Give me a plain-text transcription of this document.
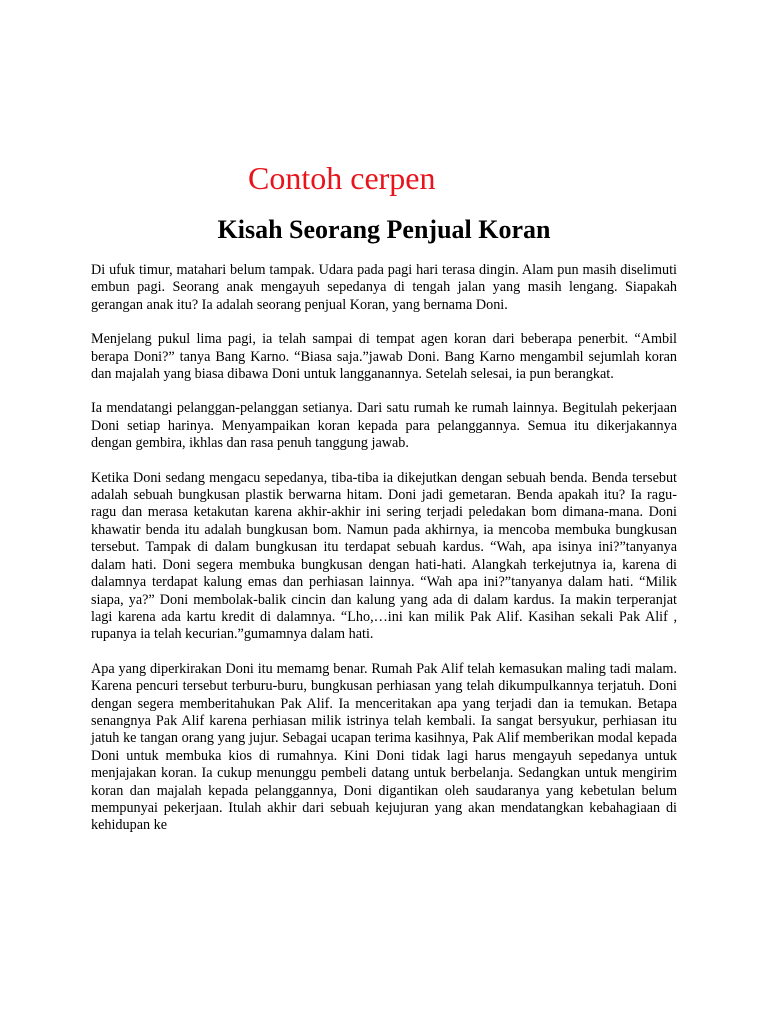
Contoh cerpen
Kisah Seorang Penjual Koran

Di ufuk timur, matahari belum tampak. Udara pada pagi hari terasa dingin. Alam pun masih diselimuti embun pagi. Seorang anak mengayuh sepedanya di tengah jalan yang masih lengang. Siapakah gerangan anak itu? Ia adalah seorang penjual Koran, yang bernama Doni.

Menjelang pukul lima pagi, ia telah sampai di tempat agen koran dari beberapa penerbit. “Ambil berapa Doni?” tanya Bang Karno. “Biasa saja.”jawab Doni. Bang Karno mengambil sejumlah koran dan majalah yang biasa dibawa Doni untuk langganannya. Setelah selesai, ia pun berangkat.

Ia mendatangi pelanggan-pelanggan setianya. Dari satu rumah ke rumah lainnya. Begitulah pekerjaan Doni setiap harinya. Menyampaikan koran kepada para pelanggannya. Semua itu dikerjakannya dengan gembira, ikhlas dan rasa penuh tanggung jawab.

Ketika Doni sedang mengacu sepedanya, tiba-tiba ia dikejutkan dengan sebuah benda. Benda tersebut adalah sebuah bungkusan plastik berwarna hitam. Doni jadi gemetaran. Benda apakah itu? Ia ragu-ragu dan merasa ketakutan karena akhir-akhir ini sering terjadi peledakan bom dimana-mana. Doni khawatir benda itu adalah bungkusan bom. Namun pada akhirnya, ia mencoba membuka bungkusan tersebut. Tampak di dalam bungkusan itu terdapat sebuah kardus. “Wah, apa isinya ini?”tanyanya dalam hati. Doni segera membuka bungkusan dengan hati-hati. Alangkah terkejutnya ia, karena di dalamnya terdapat kalung emas dan perhiasan lainnya. “Wah apa ini?”tanyanya dalam hati. “Milik siapa, ya?” Doni membolak-balik cincin dan kalung yang ada di dalam kardus. Ia makin terperanjat lagi karena ada kartu kredit di dalamnya. “Lho,…ini kan milik Pak Alif. Kasihan sekali Pak Alif , rupanya ia telah kecurian.”gumamnya dalam hati.

Apa yang diperkirakan Doni itu memamg benar. Rumah Pak Alif telah kemasukan maling tadi malam. Karena pencuri tersebut terburu-buru, bungkusan perhiasan yang telah dikumpulkannya terjatuh. Doni dengan segera memberitahukan Pak Alif. Ia menceritakan apa yang terjadi dan ia temukan. Betapa senangnya Pak Alif karena perhiasan milik istrinya telah kembali. Ia sangat bersyukur, perhiasan itu jatuh ke tangan orang yang jujur. Sebagai ucapan terima kasihnya, Pak Alif memberikan modal kepada Doni untuk membuka kios di rumahnya. Kini Doni tidak lagi harus mengayuh sepedanya untuk menjajakan koran. Ia cukup menunggu pembeli datang untuk berbelanja. Sedangkan untuk mengirim koran dan majalah kepada pelanggannya, Doni digantikan oleh saudaranya yang kebetulan belum mempunyai pekerjaan. Itulah akhir dari sebuah kejujuran yang akan mendatangkan kebahagiaan di kehidupan ke
